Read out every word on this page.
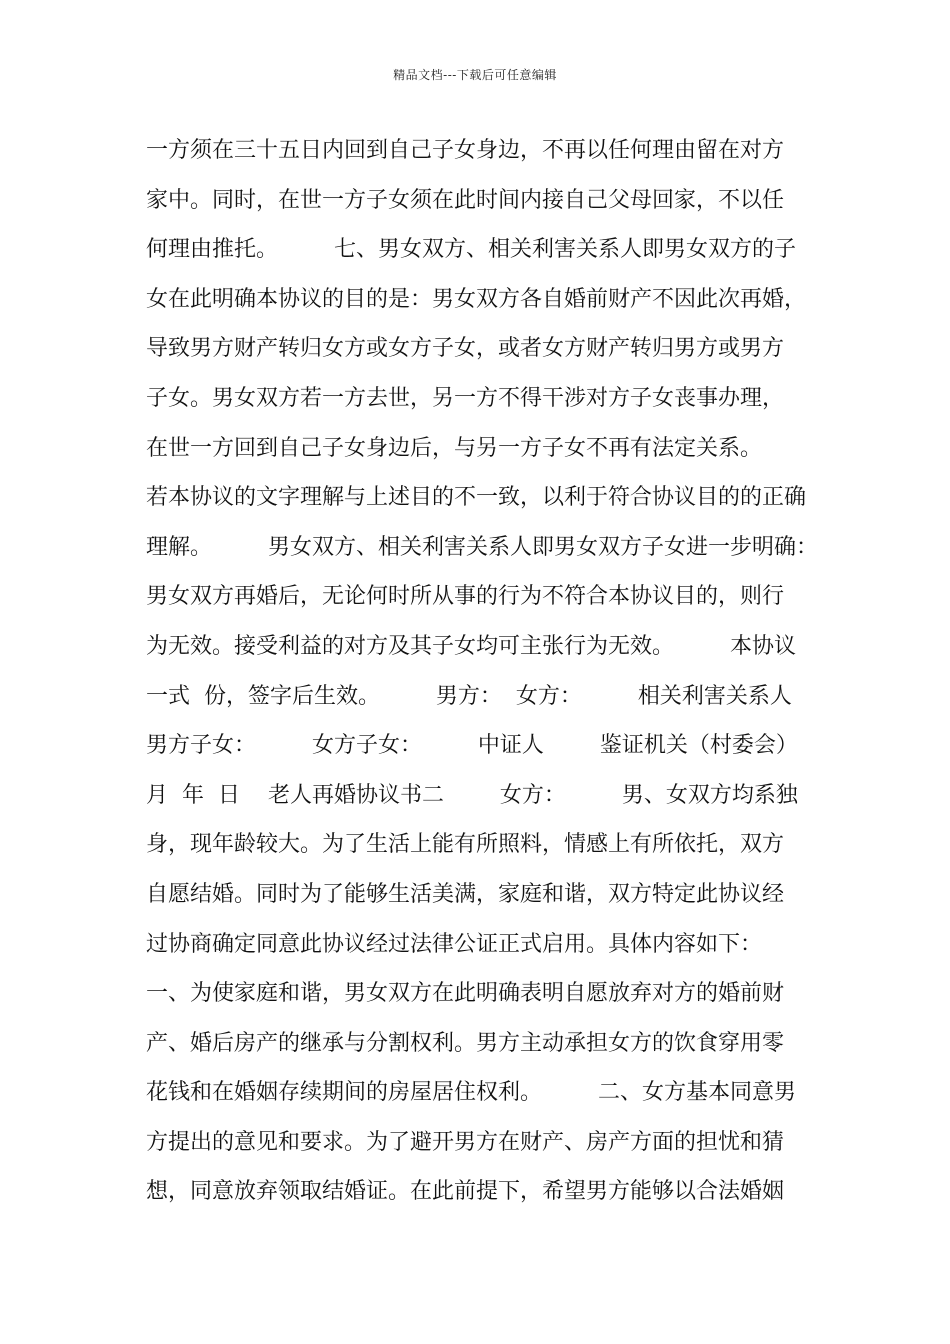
精品文档---下载后可任意编辑
一方须在三十五日内回到自己子女身边，不再以任何理由留在对方
家中。同时，在世一方子女须在此时间内接自己父母回家，不以任
何理由推托。        七、男女双方、相关利害关系人即男女双方的子
女在此明确本协议的目的是：男女双方各自婚前财产不因此次再婚，
导致男方财产转归女方或女方子女，或者女方财产转归男方或男方
子女。男女双方若一方去世，另一方不得干涉对方子女丧事办理，
在世一方回到自己子女身边后，与另一方子女不再有法定关系。
若本协议的文字理解与上述目的不一致，以利于符合协议目的的正确
理解。        男女双方、相关利害关系人即男女双方子女进一步明确：
男女双方再婚后，无论何时所从事的行为不符合本协议目的，则行
为无效。接受利益的对方及其子女均可主张行为无效。        本协议
一式  份，签字后生效。        男方：  女方：        相关利害关系人
男方子女：        女方子女：        中证人        鉴证机关（村委会）
月  年  日    老人再婚协议书二        女方：        男、女双方均系独
身，现年龄较大。为了生活上能有所照料，情感上有所依托，双方
自愿结婚。同时为了能够生活美满，家庭和谐，双方特定此协议经
过协商确定同意此协议经过法律公证正式启用。具体内容如下：
一、为使家庭和谐，男女双方在此明确表明自愿放弃对方的婚前财
产、婚后房产的继承与分割权利。男方主动承担女方的饮食穿用零
花钱和在婚姻存续期间的房屋居住权利。        二、女方基本同意男
方提出的意见和要求。为了避开男方在财产、房产方面的担忧和猜
想，同意放弃领取结婚证。在此前提下，希望男方能够以合法婚姻
